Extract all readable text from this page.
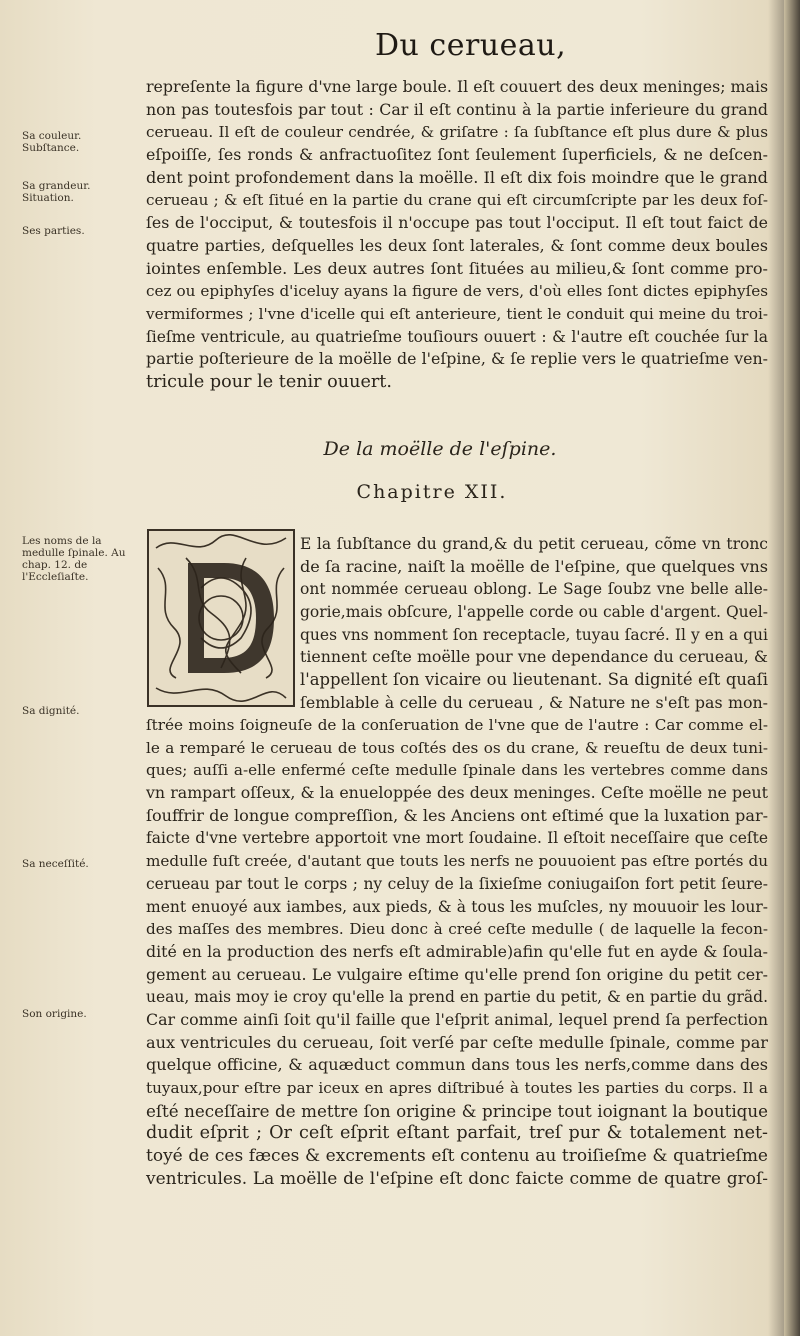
Du cerueau,
Sa couleur. Subſtance.
Sa grandeur. Situation.
Ses parties.
Les noms de la medulle ſpinale. Au chap. 12. de l'Eccleſiaſte.
Sa dignité.
Sa neceſſité.
Son origine.
repreſente la figure d'vne large boule. Il eſt couuert des deux meninges; mais
non pas toutesfois par tout : Car il eſt continu à la partie inferieure du grand
cerueau. Il eſt de couleur cendrée, & griſatre : ſa ſubſtance eſt plus dure & plus
eſpoiſſe, ſes ronds & anfractuoſitez ſont ſeulement ſuperficiels, & ne deſcen-
dent point profondement dans la moëlle. Il eſt dix fois moindre que le grand
cerueau ; & eſt ſitué en la partie du crane qui eſt circumſcripte par les deux foſ-
ſes de l'occiput, & toutesfois il n'occupe pas tout l'occiput. Il eſt tout faict de
quatre parties, deſquelles les deux ſont laterales, & ſont comme deux boules
iointes enſemble. Les deux autres ſont ſituées au milieu,& ſont comme pro-
cez ou epiphyſes d'iceluy ayans la figure de vers, d'où elles ſont dictes epiphyſes
vermiformes ; l'vne d'icelle qui eſt anterieure, tient le conduit qui meine du troi-
ſieſme ventricule, au quatrieſme touſiours ouuert : & l'autre eſt couchée ſur la
partie poſterieure de la moëlle de l'eſpine, & ſe replie vers le quatrieſme ven-
tricule pour le tenir ouuert.
De la moëlle de l'eſpine.
Chapitre XII.
E la ſubſtance du grand,& du petit cerueau, cõme vn tronc
de ſa racine, naiſt la moëlle de l'eſpine, que quelques vns
ont nommée cerueau oblong. Le Sage ſoubz vne belle alle-
gorie,mais obſcure, l'appelle corde ou cable d'argent. Quel-
ques vns nomment ſon receptacle, tuyau ſacré. Il y en a qui
tiennent ceſte moëlle pour vne dependance du cerueau, &
l'appellent ſon vicaire ou lieutenant. Sa dignité eſt quaſi
ſemblable à celle du cerueau , & Nature ne s'eſt pas mon-
ſtrée moins ſoigneuſe de la conſeruation de l'vne que de l'autre : Car comme el-
le a remparé le cerueau de tous coſtés des os du crane, & reueſtu de deux tuni-
ques; auſſi a-elle enfermé ceſte medulle ſpinale dans les vertebres comme dans
vn rampart oſſeux, & la enueloppée des deux meninges. Ceſte moëlle ne peut
ſouffrir de longue compreſſion, & les Anciens ont eſtimé que la luxation par-
faicte d'vne vertebre apportoit vne mort ſoudaine. Il eſtoit neceſſaire que ceſte
medulle fuſt creée, d'autant que touts les nerfs ne pouuoient pas eſtre portés du
cerueau par tout le corps ; ny celuy de la ſixieſme coniugaiſon fort petit ſeure-
ment enuoyé aux iambes, aux pieds, & à tous les muſcles, ny mouuoir les lour-
des maſſes des membres. Dieu donc à creé ceſte medulle ( de laquelle la fecon-
dité en la production des nerfs eſt admirable)afin qu'elle fut en ayde & ſoula-
gement au cerueau. Le vulgaire eſtime qu'elle prend ſon origine du petit cer-
ueau, mais moy ie croy qu'elle la prend en partie du petit, & en partie du grãd.
Car comme ainſi ſoit qu'il faille que l'eſprit animal, lequel prend ſa perfection
aux ventricules du cerueau, ſoit verſé par ceſte medulle ſpinale, comme par
quelque officine, & aquæduct commun dans tous les nerfs,comme dans des
tuyaux,pour eſtre par iceux en apres diſtribué à toutes les parties du corps. Il a
eſté neceſſaire de mettre ſon origine & principe tout ioignant la boutique
dudit eſprit ; Or ceſt eſprit eſtant parfait, treſ pur & totalement net-
toyé de ces fæces & excrements eſt contenu au troiſieſme & quatrieſme
ventricules. La moëlle de l'eſpine eſt donc faicte comme de quatre groſ-
